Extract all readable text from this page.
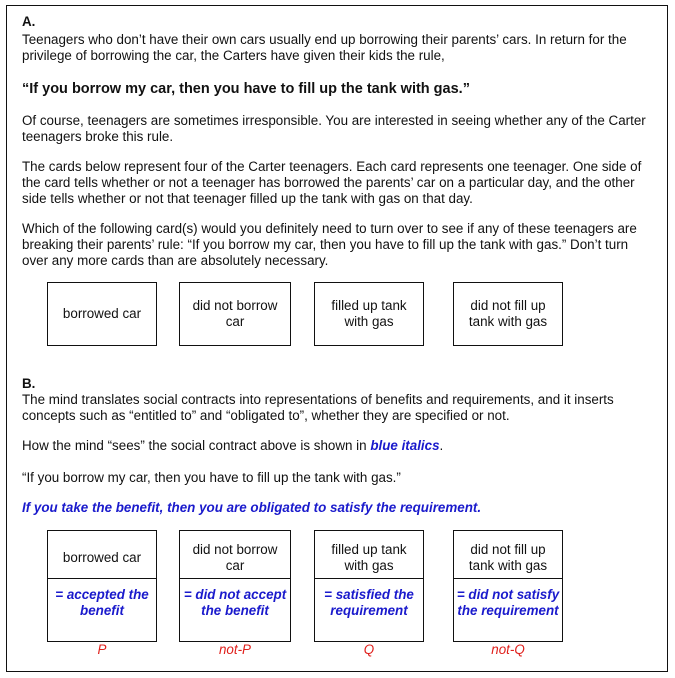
A.

Teenagers who don’t have their own cars usually end up borrowing their parents’ cars. In return for the privilege of borrowing the car, the Carters have given their kids the rule,

“If you borrow my car, then you have to fill up the tank with gas.”

Of course, teenagers are sometimes irresponsible. You are interested in seeing whether any of the Carter teenagers broke this rule.

The cards below represent four of the Carter teenagers. Each card represents one teenager. One side of the card tells whether or not a teenager has borrowed the parents’ car on a particular day, and the other side tells whether or not that teenager filled up the tank with gas on that day.

Which of the following card(s) would you definitely need to turn over to see if any of these teenagers are breaking their parents’ rule: “If you borrow my car, then you have to fill up the tank with gas.” Don’t turn over any more cards than are absolutely necessary.

borrowed car
did not borrow car
filled up tank with gas
did not fill up tank with gas

B.

The mind translates social contracts into representations of benefits and requirements, and it inserts concepts such as “entitled to” and “obligated to”, whether they are specified or not.

How the mind “sees” the social contract above is shown in blue italics.

“If you borrow my car, then you have to fill up the tank with gas.”

If you take the benefit, then you are obligated to satisfy the requirement.

borrowed car
= accepted the benefit
did not borrow car
= did not accept the benefit
filled up tank with gas
= satisfied the requirement
did not fill up tank with gas
= did not satisfy the requirement
P	not-P	Q	not-Q
